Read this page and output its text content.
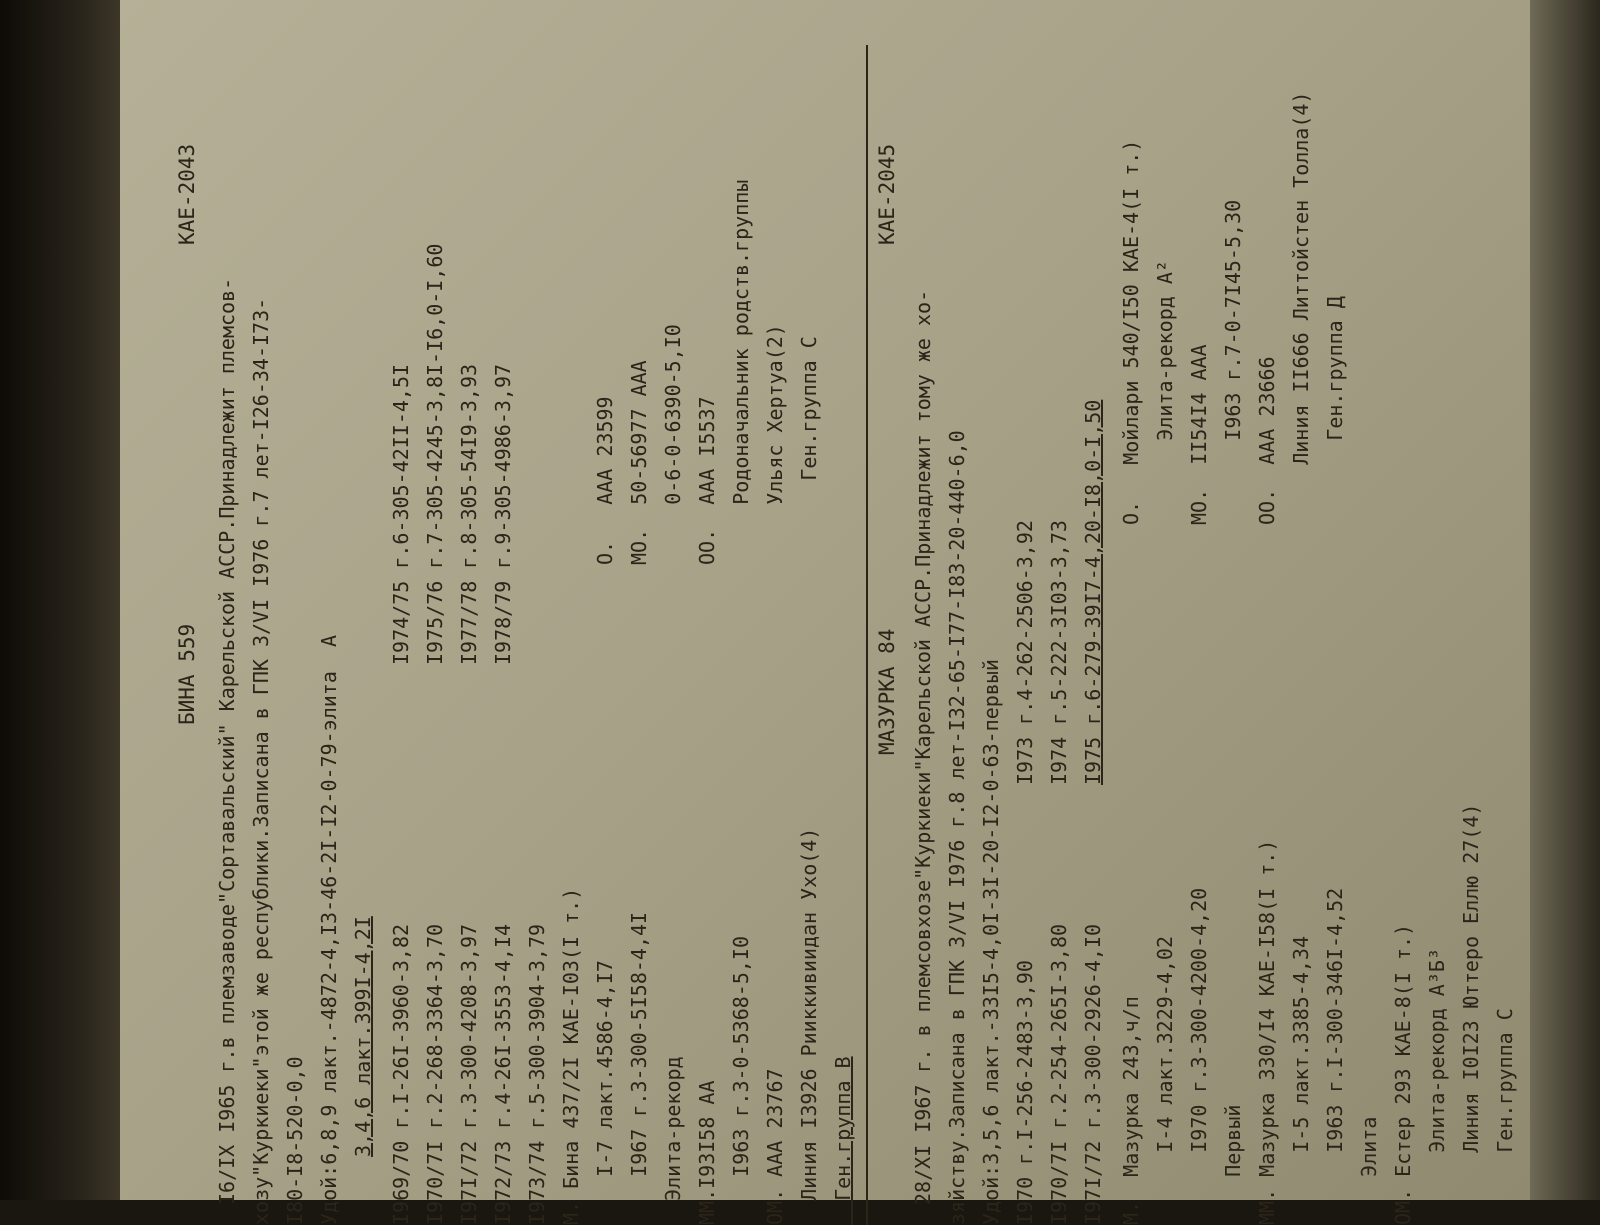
БИНА 559
КАЕ-2043
I6/IX I965 г.в племзаводе"Сортавальский" Карельской АССР.Принадлежит племсов- хозу"Куркиеки"этой же республики.Записана в ГПК 3/VI I976 г.7 лет-I26-34-I73- I80-I8-520-0,0 Удой:6,8,9 лакт.-4872-4,I3-46-2I-I2-0-79-элита  А 3,4,6 лакт.399I-4,2I I969/70 г.I-26I-3960-3,82 I970/7I г.2-268-3364-3,70 I97I/72 г.3-300-4208-3,97 I972/73 г.4-26I-3553-4,I4 I973/74 г.5-300-3904-3,79
I974/75 г.6-305-42II-4,5I I975/76 г.7-305-4245-3,8I-I6,0-I,60 I977/78 г.8-305-54I9-3,93 I978/79 г.9-305-4986-3,97
М. Бина 437/2I КАЕ-I03(I т.) I-7 лакт.4586-4,I7 I967 г.3-300-5I58-4,4I Элита-рекорд ММ.I93I58 АА I963 г.3-0-5368-5,I0 ОМ. ААА 23767 Линия I3926 Рииккивиидан Ухо(4) Ген.группа В
О.   ААА 23599 МО.  50-56977 ААА 0-6-0-6390-5,I0 ОО.  ААА I5537 Родоначальник родств.группы Ульяс Хертуа(2) Ген.группа С
МАЗУРКА 84
КАЕ-2045
28/XI I967 г. в племсовхозе"Куркиеки"Карельской АССР.Принадлежит тому же хо- зяйству.Записана в ГПК 3/VI I976 г.8 лет-I32-65-I77-I83-20-440-6,0 Удой:3,5,6 лакт.-33I5-4,0I-3I-20-I2-0-63-первый I970 г.I-256-2483-3,90 I970/7I г.2-254-265I-3,80 I97I/72 г.3-300-2926-4,I0
I973 г.4-262-2506-3,92 I974 г.5-222-3I03-3,73 I975 г.6-279-39I7-4,20-I8,0-I,50
М.  Мазурка 243,ч/п I-4 лакт.3229-4,02 I970 г.3-300-4200-4,20 Первый ММ. Мазурка 330/I4 КАЕ-I58(I т.) I-5 лакт.3385-4,34 I963 г.I-300-346I-4,52 Элита ОМ. Естер 293 КАЕ-8(I т.) Элита-рекорд А³Б³ Линия I0I23 Юттеро Еллю 27(4) Ген.группа С
О.   Мойлари 540/I50 КАЕ-4(I т.) Элита-рекорд А² МО.  II54I4 ААА I963 г.7-0-7I45-5,30 ОО.  ААА 23666 Линия II666 Литтойстен Толла(4) Ген.группа Д
